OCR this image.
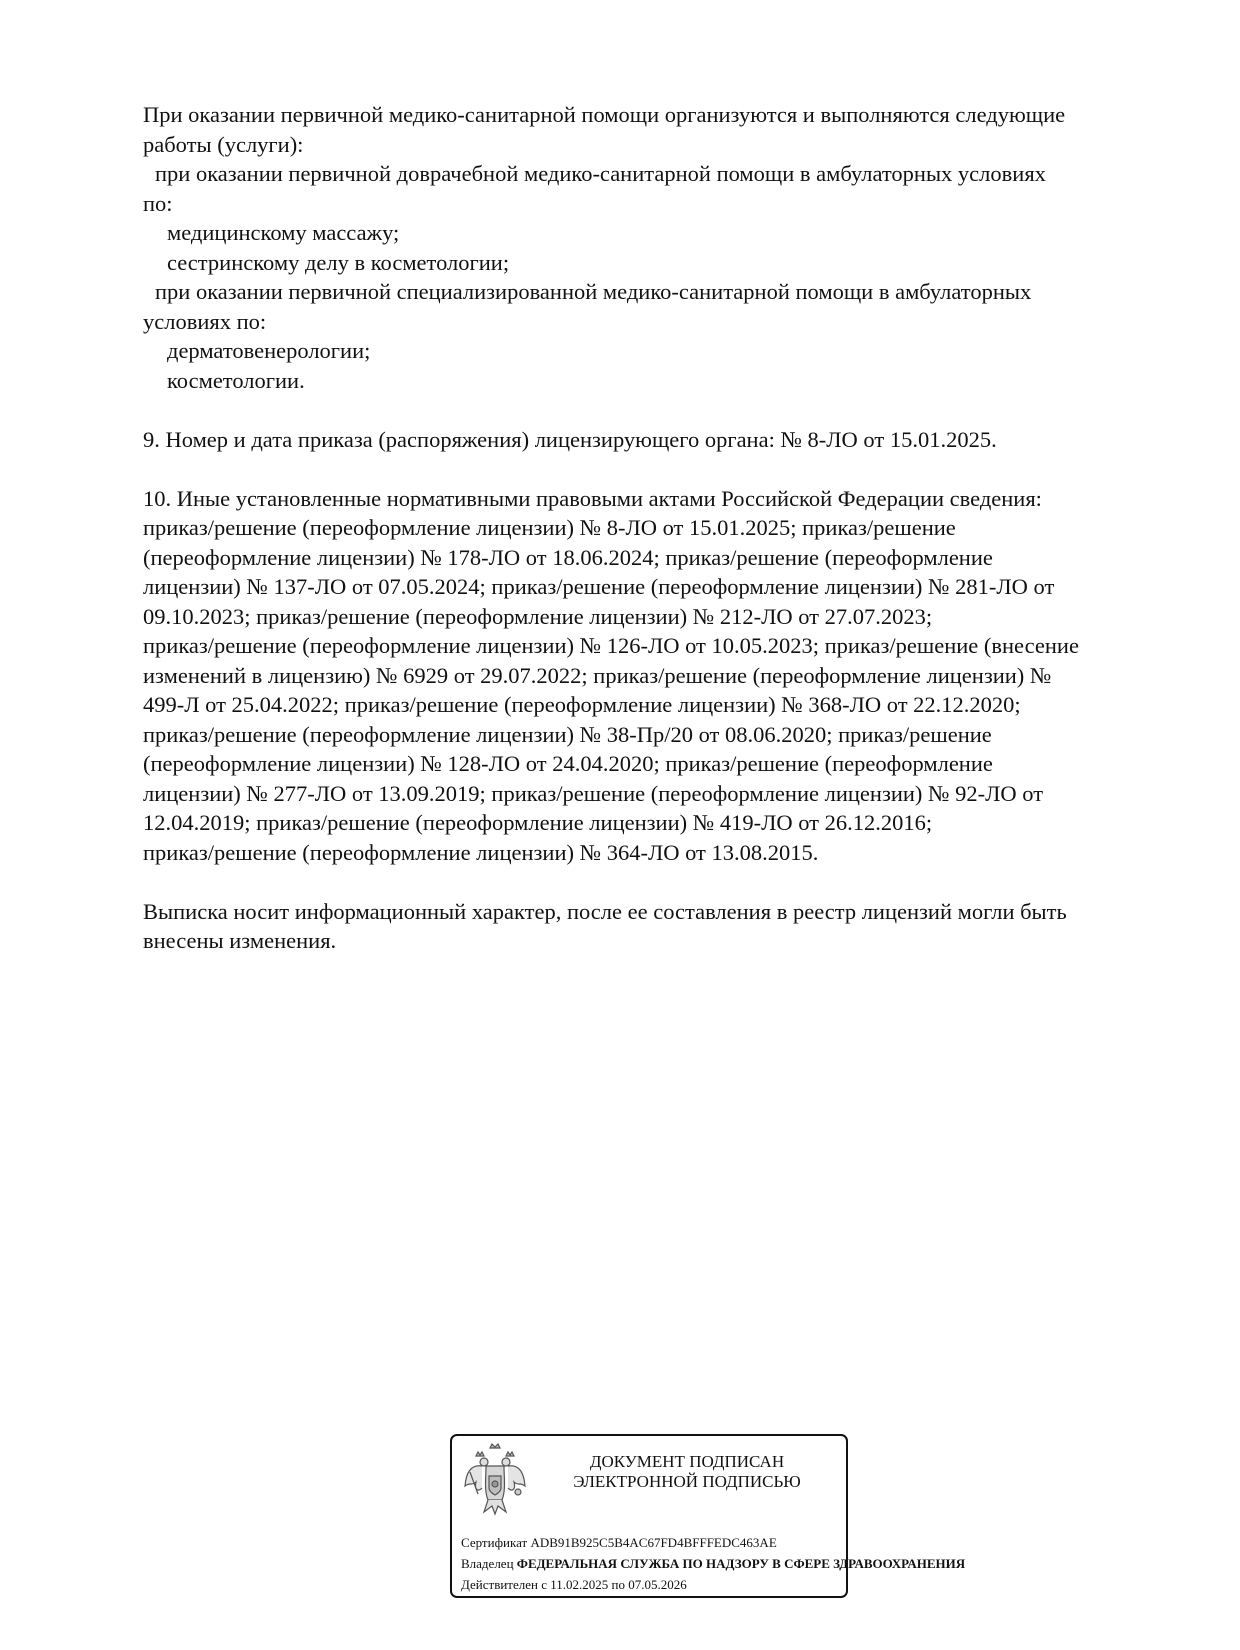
При оказании первичной медико-санитарной помощи организуются и выполняются следующие
работы (услуги):
при оказании первичной доврачебной медико-санитарной помощи в амбулаторных условиях
по:
медицинскому массажу;
сестринскому делу в косметологии;
при оказании первичной специализированной медико-санитарной помощи в амбулаторных
условиях по:
дерматовенерологии;
косметологии.
9. Номер и дата приказа (распоряжения) лицензирующего органа: № 8-ЛО от 15.01.2025.
10. Иные установленные нормативными правовыми актами Российской Федерации сведения:
приказ/решение (переоформление лицензии) № 8-ЛО от 15.01.2025; приказ/решение
(переоформление лицензии) № 178-ЛО от 18.06.2024; приказ/решение (переоформление
лицензии) № 137-ЛО от 07.05.2024; приказ/решение (переоформление лицензии) № 281-ЛО от
09.10.2023; приказ/решение (переоформление лицензии) № 212-ЛО от 27.07.2023;
приказ/решение (переоформление лицензии) № 126-ЛО от 10.05.2023; приказ/решение (внесение
изменений в лицензию) № 6929 от 29.07.2022; приказ/решение (переоформление лицензии) №
499-Л от 25.04.2022; приказ/решение (переоформление лицензии) № 368-ЛО от 22.12.2020;
приказ/решение (переоформление лицензии) № 38-Пр/20 от 08.06.2020; приказ/решение
(переоформление лицензии) № 128-ЛО от 24.04.2020; приказ/решение (переоформление
лицензии) № 277-ЛО от 13.09.2019; приказ/решение (переоформление лицензии) № 92-ЛО от
12.04.2019; приказ/решение (переоформление лицензии) № 419-ЛО от 26.12.2016;
приказ/решение (переоформление лицензии) № 364-ЛО от 13.08.2015.
Выписка носит информационный характер, после ее составления в реестр лицензий могли быть
внесены изменения.
ДОКУМЕНТ ПОДПИСАН
ЭЛЕКТРОННОЙ ПОДПИСЬЮ
Сертификат ADB91B925C5B4AC67FD4BFFFEDC463AE
Владелец ФЕДЕРАЛЬНАЯ СЛУЖБА ПО НАДЗОРУ В СФЕРЕ ЗДРАВООХРАНЕНИЯ
Действителен с 11.02.2025 по 07.05.2026
